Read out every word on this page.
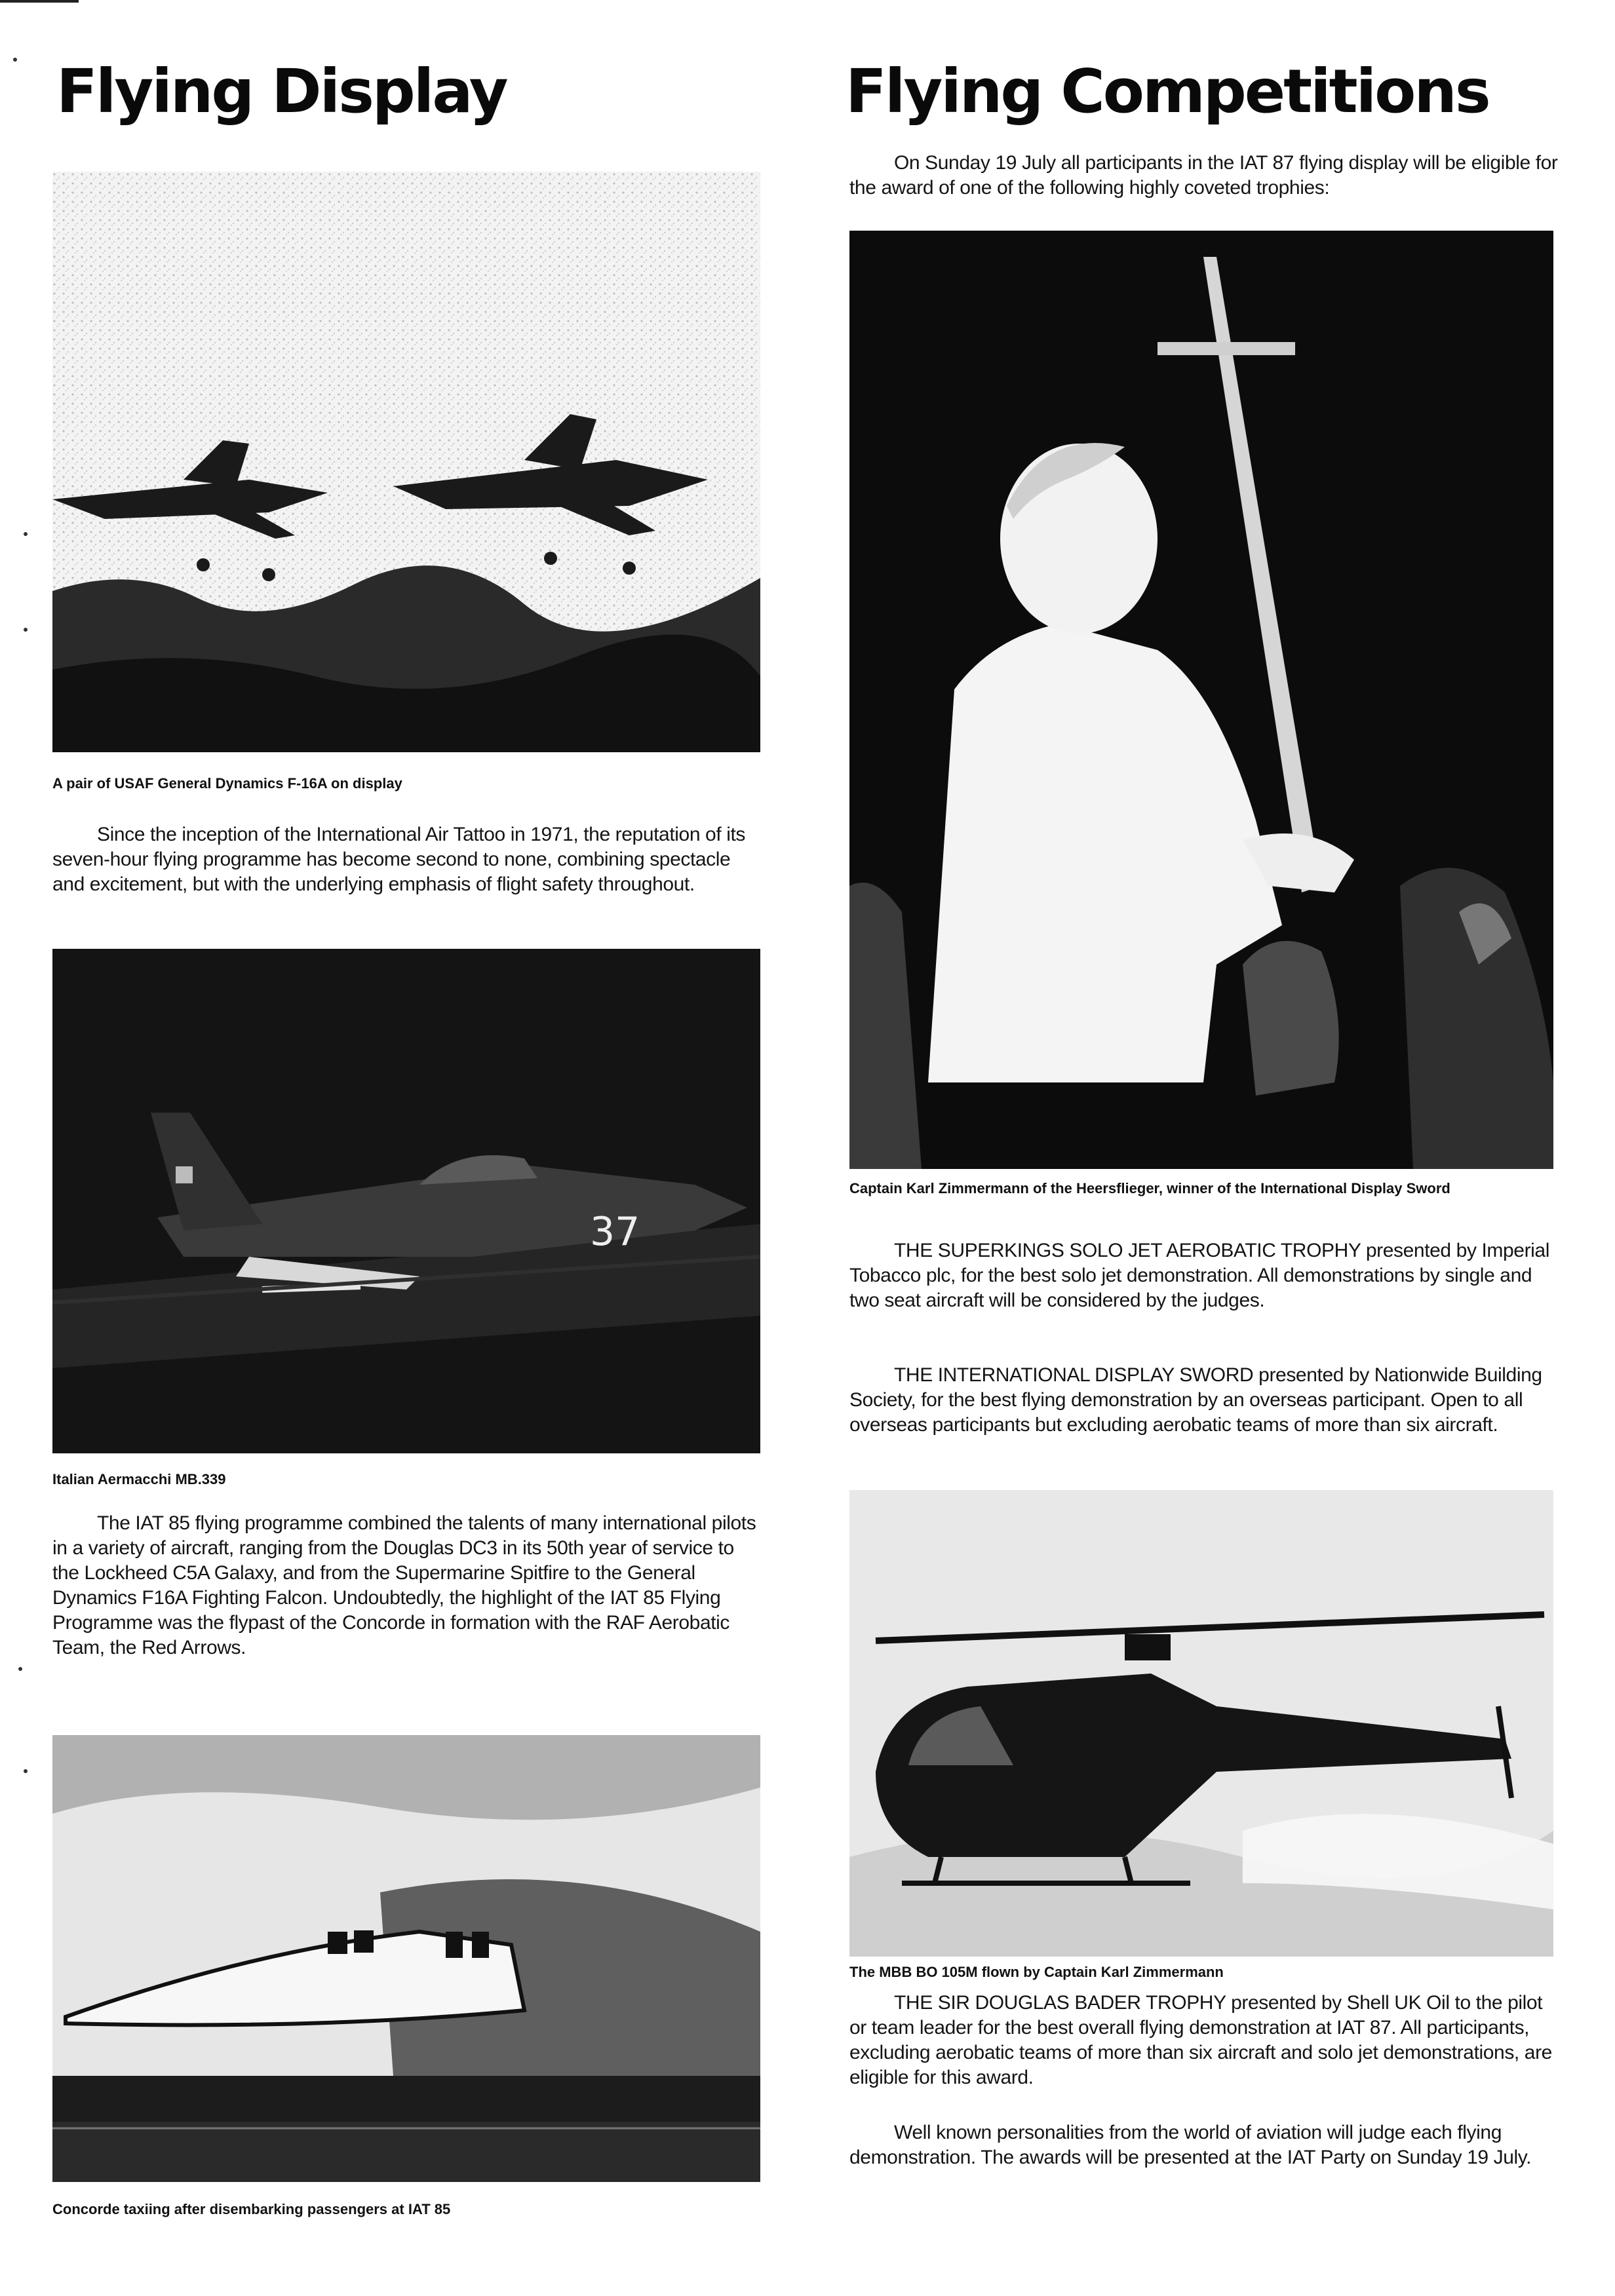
Flying Display

A pair of USAF General Dynamics F-16A on display

Since the inception of the International Air Tattoo in 1971, the reputation of its seven-hour flying programme has become second to none, combining spectacle and excitement, but with the underlying emphasis of flight safety throughout.

37

Italian Aermacchi MB.339

The IAT 85 flying programme combined the talents of many international pilots in a variety of aircraft, ranging from the Douglas DC3 in its 50th year of service to the Lockheed C5A Galaxy, and from the Supermarine Spitfire to the General Dynamics F16A Fighting Falcon. Undoubtedly, the highlight of the IAT 85 Flying Programme was the flypast of the Concorde in formation with the RAF Aerobatic Team, the Red Arrows.

Concorde taxiing after disembarking passengers at IAT 85

Flying Competitions

On Sunday 19 July all participants in the IAT 87 flying display will be eligible for the award of one of the following highly coveted trophies:

Captain Karl Zimmermann of the Heersflieger, winner of the International Display Sword

THE SUPERKINGS SOLO JET AEROBATIC TROPHY presented by Imperial Tobacco plc, for the best solo jet demonstration. All demonstrations by single and two seat aircraft will be considered by the judges.

THE INTERNATIONAL DISPLAY SWORD presented by Nationwide Building Society, for the best flying demonstration by an overseas participant. Open to all overseas participants but excluding aerobatic teams of more than six aircraft.

The MBB BO 105M flown by Captain Karl Zimmermann

THE SIR DOUGLAS BADER TROPHY presented by Shell UK Oil to the pilot or team leader for the best overall flying demonstration at IAT 87. All participants, excluding aerobatic teams of more than six aircraft and solo jet demonstrations, are eligible for this award.

Well known personalities from the world of aviation will judge each flying demonstration. The awards will be presented at the IAT Party on Sunday 19 July.
